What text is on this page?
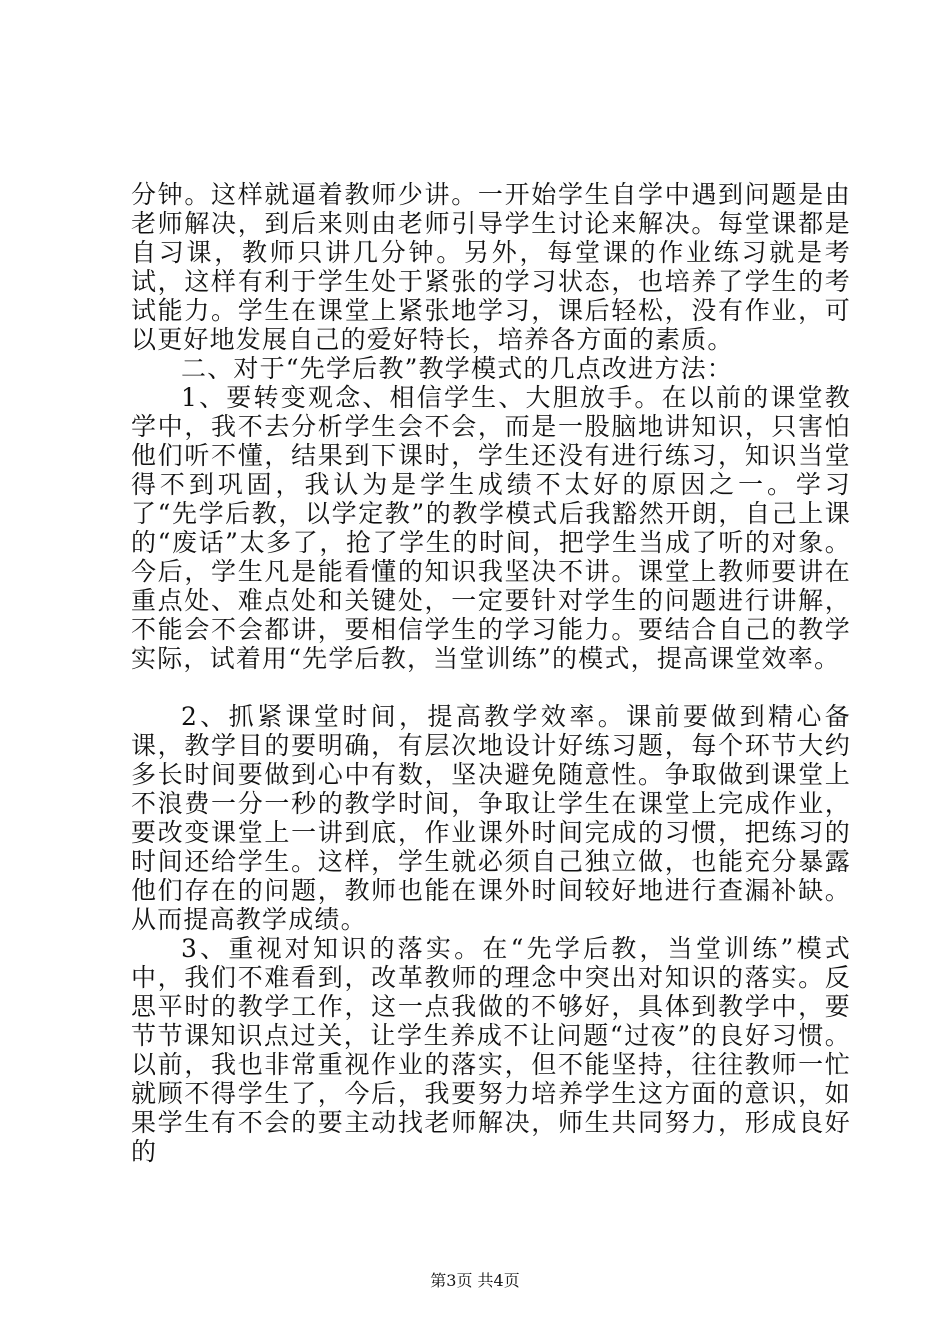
分钟。这样就逼着教师少讲。一开始学生自学中遇到问题是由老师解决，到后来则由老师引导学生讨论来解决。每堂课都是自习课，教师只讲几分钟。另外，每堂课的作业练习就是考试，这样有利于学生处于紧张的学习状态，也培养了学生的考试能力。学生在课堂上紧张地学习，课后轻松，没有作业，可以更好地发展自己的爱好特长，培养各方面的素质。

二、对于“先学后教”教学模式的几点改进方法：

1、要转变观念、相信学生、大胆放手。在以前的课堂教学中，我不去分析学生会不会，而是一股脑地讲知识，只害怕他们听不懂，结果到下课时，学生还没有进行练习，知识当堂得不到巩固，我认为是学生成绩不太好的原因之一。学习了“先学后教，以学定教”的教学模式后我豁然开朗，自己上课的“废话”太多了，抢了学生的时间，把学生当成了听的对象。今后，学生凡是能看懂的知识我坚决不讲。课堂上教师要讲在重点处、难点处和关键处，一定要针对学生的问题进行讲解，不能会不会都讲，要相信学生的学习能力。要结合自己的教学实际，试着用“先学后教，当堂训练”的模式，提高课堂效率。

2、抓紧课堂时间，提高教学效率。课前要做到精心备课，教学目的要明确，有层次地设计好练习题，每个环节大约多长时间要做到心中有数，坚决避免随意性。争取做到课堂上不浪费一分一秒的教学时间，争取让学生在课堂上完成作业，要改变课堂上一讲到底，作业课外时间完成的习惯，把练习的时间还给学生。这样，学生就必须自己独立做，也能充分暴露他们存在的问题，教师也能在课外时间较好地进行查漏补缺。从而提高教学成绩。

3、重视对知识的落实。在“先学后教，当堂训练”模式中，我们不难看到，改革教师的理念中突出对知识的落实。反思平时的教学工作，这一点我做的不够好，具体到教学中，要节节课知识点过关，让学生养成不让问题“过夜”的良好习惯。以前，我也非常重视作业的落实，但不能坚持，往往教师一忙就顾不得学生了，今后，我要努力培养学生这方面的意识，如果学生有不会的要主动找老师解决，师生共同努力，形成良好的

第3页 共4页
